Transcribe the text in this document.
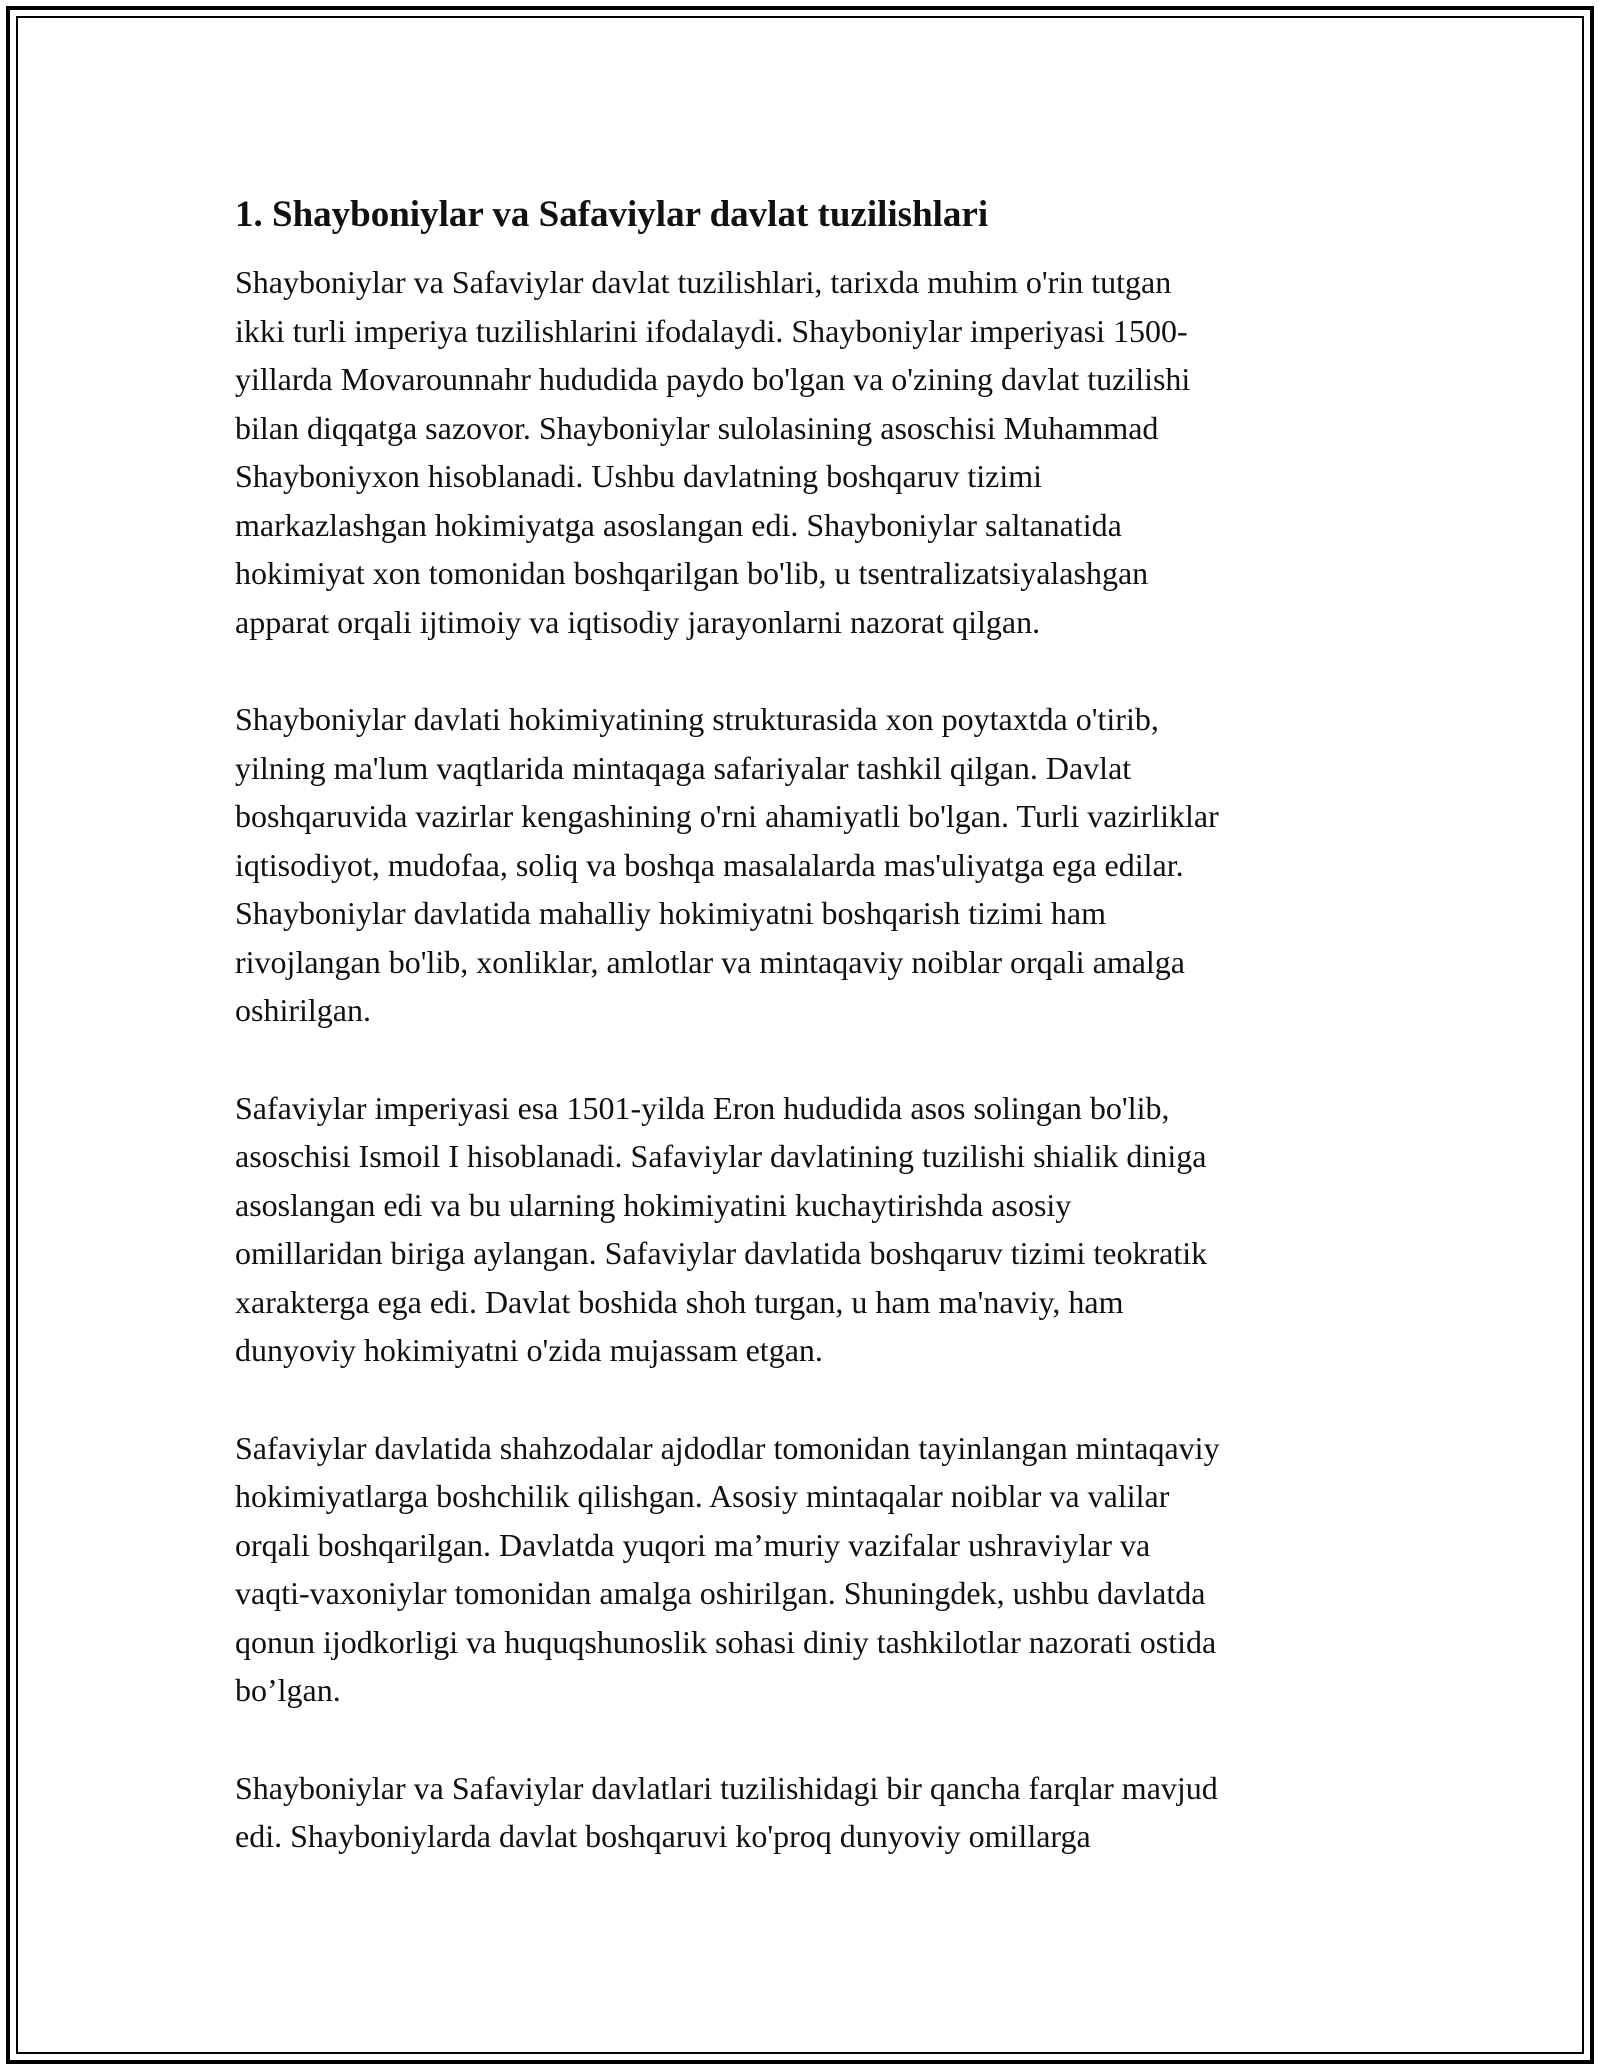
1. Shayboniylar va Safaviylar davlat tuzilishlari

Shayboniylar va Safaviylar davlat tuzilishlari, tarixda muhim o'rin tutgan
ikki turli imperiya tuzilishlarini ifodalaydi. Shayboniylar imperiyasi 1500-
yillarda Movarounnahr hududida paydo bo'lgan va o'zining davlat tuzilishi
bilan diqqatga sazovor. Shayboniylar sulolasining asoschisi Muhammad
Shayboniyxon hisoblanadi. Ushbu davlatning boshqaruv tizimi
markazlashgan hokimiyatga asoslangan edi. Shayboniylar saltanatida
hokimiyat xon tomonidan boshqarilgan bo'lib, u tsentralizatsiyalashgan
apparat orqali ijtimoiy va iqtisodiy jarayonlarni nazorat qilgan.

Shayboniylar davlati hokimiyatining strukturasida xon poytaxtda o'tirib,
yilning ma'lum vaqtlarida mintaqaga safariyalar tashkil qilgan. Davlat
boshqaruvida vazirlar kengashining o'rni ahamiyatli bo'lgan. Turli vazirliklar
iqtisodiyot, mudofaa, soliq va boshqa masalalarda mas'uliyatga ega edilar.
Shayboniylar davlatida mahalliy hokimiyatni boshqarish tizimi ham
rivojlangan bo'lib, xonliklar, amlotlar va mintaqaviy noiblar orqali amalga
oshirilgan.

Safaviylar imperiyasi esa 1501-yilda Eron hududida asos solingan bo'lib,
asoschisi Ismoil I hisoblanadi. Safaviylar davlatining tuzilishi shialik diniga
asoslangan edi va bu ularning hokimiyatini kuchaytirishda asosiy
omillaridan biriga aylangan. Safaviylar davlatida boshqaruv tizimi teokratik
xarakterga ega edi. Davlat boshida shoh turgan, u ham ma'naviy, ham
dunyoviy hokimiyatni o'zida mujassam etgan.

Safaviylar davlatida shahzodalar ajdodlar tomonidan tayinlangan mintaqaviy
hokimiyatlarga boshchilik qilishgan. Asosiy mintaqalar noiblar va valilar
orqali boshqarilgan. Davlatda yuqori ma’muriy vazifalar ushraviylar va
vaqti-vaxoniylar tomonidan amalga oshirilgan. Shuningdek, ushbu davlatda
qonun ijodkorligi va huquqshunoslik sohasi diniy tashkilotlar nazorati ostida
bo’lgan.

Shayboniylar va Safaviylar davlatlari tuzilishidagi bir qancha farqlar mavjud
edi. Shayboniylarda davlat boshqaruvi ko'proq dunyoviy omillarga
